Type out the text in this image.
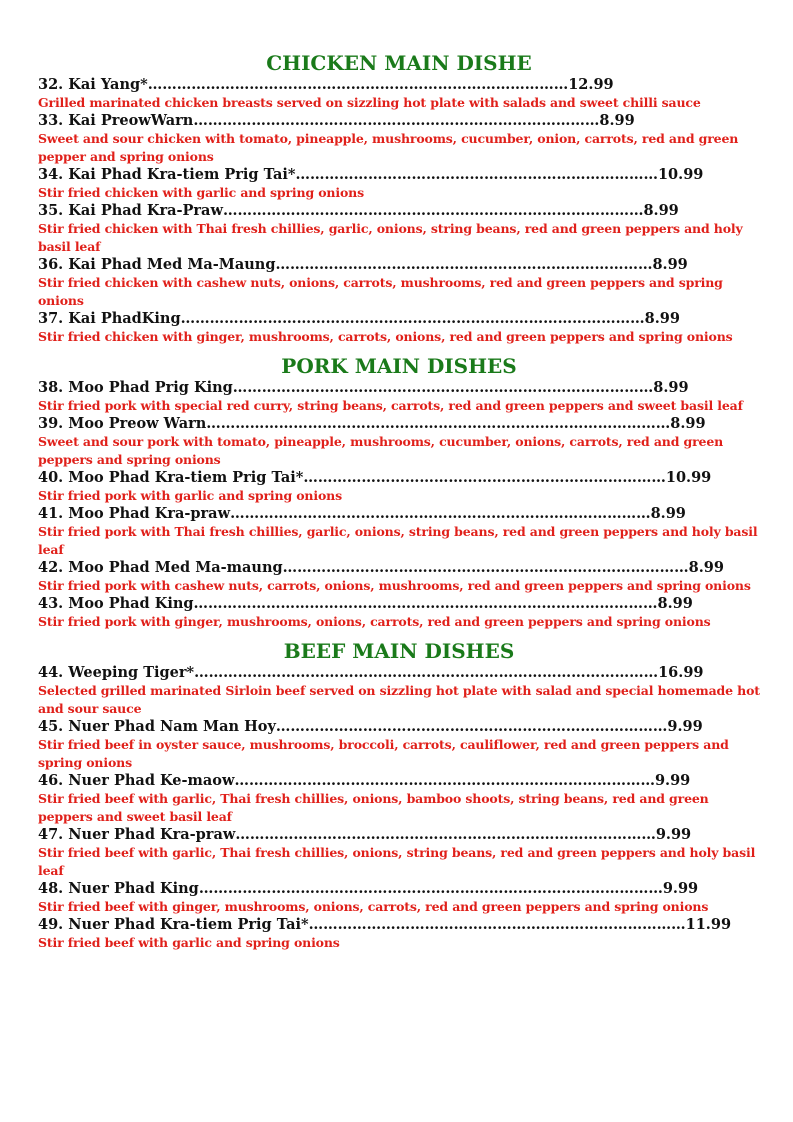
CHICKEN MAIN DISHE
32. Kai Yang*……………………………………………………………………………12.99
Grilled marinated chicken breasts served on sizzling hot plate with salads and sweet chilli sauce
33. Kai PreowWarn…………………………………………………………………………8.99
Sweet and sour chicken with tomato, pineapple, mushrooms, cucumber, onion, carrots, red and green pepper and spring onions
34. Kai Phad Kra-tiem Prig Tai*…………………………………………………………………10.99
Stir fried chicken with garlic and spring onions
35. Kai Phad Kra-Praw……………………………………………………………………………8.99
Stir fried chicken with Thai fresh chillies, garlic, onions, string beans, red and green peppers and holy basil leaf
36. Kai Phad Med Ma-Maung……………………………………………………………………8.99
Stir fried chicken with cashew nuts, onions, carrots, mushrooms, red and green peppers and spring onions
37. Kai PhadKing……………………………………………………………………………………8.99
Stir fried chicken with ginger, mushrooms, carrots, onions, red and green peppers and spring onions
PORK MAIN DISHES
38. Moo Phad Prig King……………………………………………………………………………8.99
Stir fried pork with special red curry, string beans, carrots, red and green peppers and sweet basil leaf
39. Moo Preow Warn……………………………………………………………………………………8.99
Sweet and sour pork with tomato, pineapple, mushrooms, cucumber, onions, carrots, red and green peppers and spring onions
40. Moo Phad Kra-tiem Prig Tai*…………………………………………………………………10.99
Stir fried pork with garlic and spring onions
41. Moo Phad Kra-praw……………………………………………………………………………8.99
Stir fried pork with Thai fresh chillies, garlic, onions, string beans, red and green peppers and holy basil leaf
42. Moo Phad Med Ma-maung…………………………………………………………………………8.99
Stir fried pork with cashew nuts, carrots, onions, mushrooms, red and green peppers and spring onions
43. Moo Phad King……………………………………………………………………………………8.99
Stir fried pork with ginger, mushrooms, onions, carrots, red and green peppers and spring onions
BEEF MAIN DISHES
44. Weeping Tiger*……………………………………………………………………………………16.99
Selected grilled marinated Sirloin beef served on sizzling hot plate with salad and special homemade hot and sour sauce
45. Nuer Phad Nam Man Hoy………………………………………………………………………9.99
Stir fried beef in oyster sauce, mushrooms, broccoli, carrots, cauliflower, red and green peppers and spring onions
46. Nuer Phad Ke-maow……………………………………………………………………………9.99
Stir fried beef with garlic, Thai fresh chillies, onions, bamboo shoots, string beans, red and green peppers and sweet basil leaf
47. Nuer Phad Kra-praw……………………………………………………………………………9.99
Stir fried beef with garlic, Thai fresh chillies, onions, string beans, red and green peppers and holy basil leaf
48. Nuer Phad King……………………………………………………………………………………9.99
Stir fried beef with ginger, mushrooms, onions, carrots, red and green peppers and spring onions
49. Nuer Phad Kra-tiem Prig Tai*……………………………………………………………………11.99
Stir fried beef with garlic and spring onions
